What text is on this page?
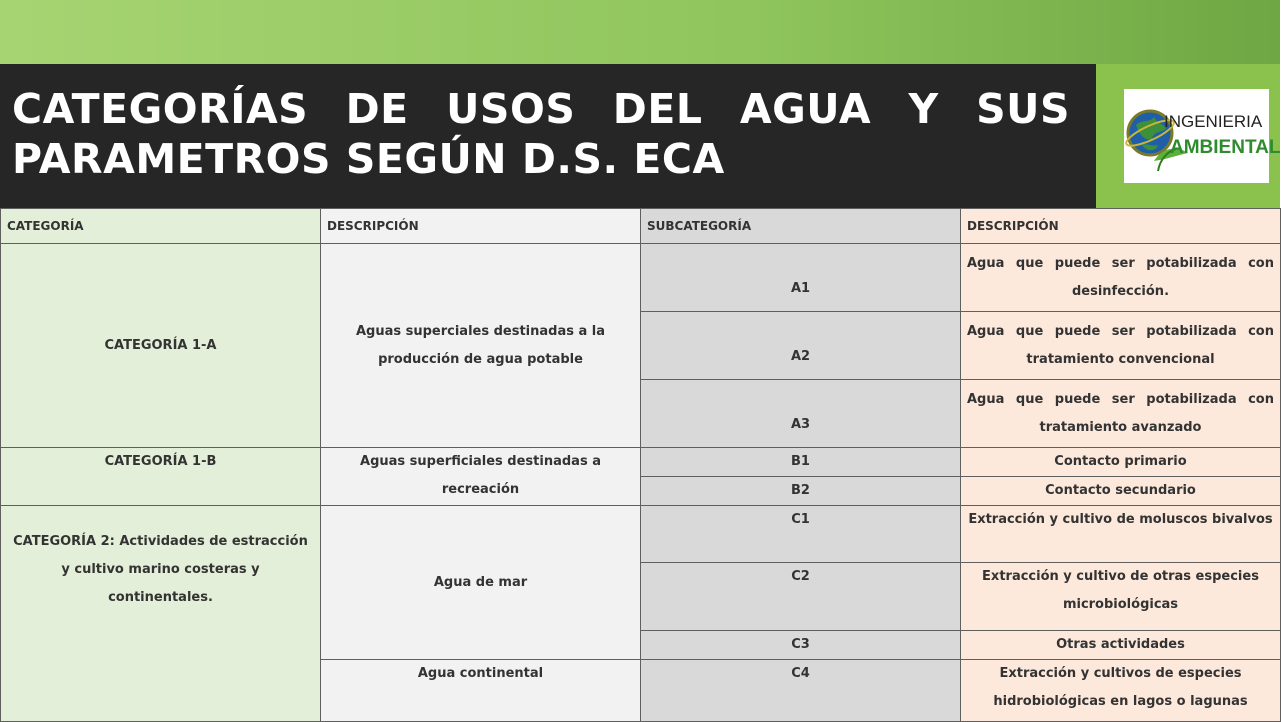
CATEGORÍAS DE USOS DEL AGUA Y SUS PARAMETROS SEGÚN D.S. ECA
INGENIERIA
AMBIENTAL
CATEGORÍA	DESCRIPCIÓN	SUBCATEGORÍA	DESCRIPCIÓN
CATEGORÍA 1-A	Aguas superciales destinadas a la producción de agua potable	A1	Agua que puede ser potabilizada con desinfección.
		A2	Agua que puede ser potabilizada con tratamiento convencional
		A3	Agua que puede ser potabilizada con tratamiento avanzado
CATEGORÍA 1-B	Aguas superficiales destinadas a recreación	B1	Contacto primario
		B2	Contacto secundario
CATEGORÍA 2: Actividades de estracción y cultivo marino costeras y continentales.	Agua de mar	C1	Extracción y cultivo de moluscos bivalvos
		C2	Extracción y cultivo de otras especies microbiológicas
		C3	Otras actividades
	Agua continental	C4	Extracción y cultivos de especies hidrobiológicas en lagos o lagunas
